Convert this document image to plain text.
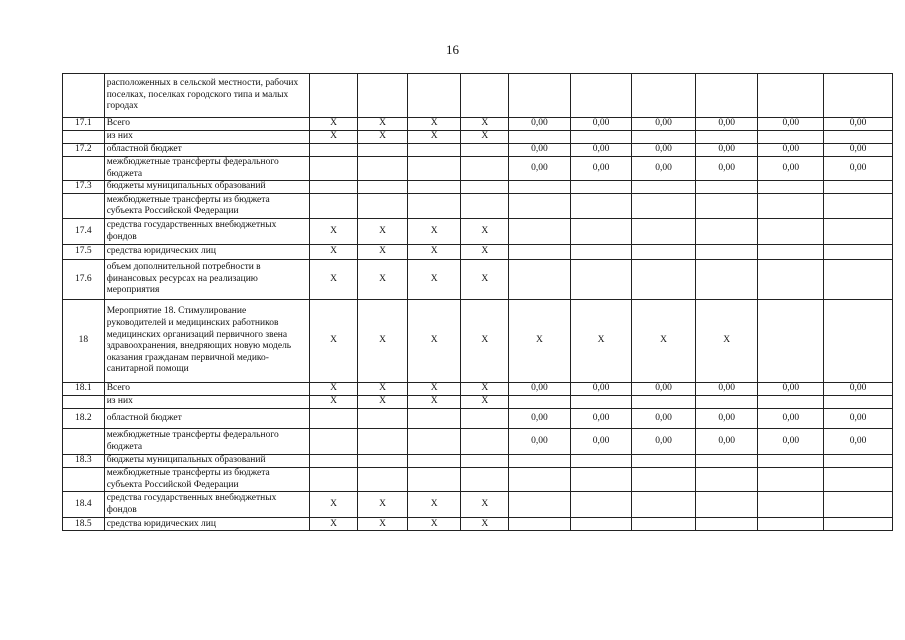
16
	расположенных в сельской местности, рабочих поселках, поселках городского типа и малых городах										
17.1	Всего	Х	Х	Х	Х	0,00	0,00	0,00	0,00	0,00	0,00
	из них	Х	Х	Х	Х						
17.2	областной бюджет					0,00	0,00	0,00	0,00	0,00	0,00
	межбюджетные трансферты федерального бюджета					0,00	0,00	0,00	0,00	0,00	0,00
17.3	бюджеты муниципальных образований										
	межбюджетные трансферты из бюджета субъекта Российской Федерации										
17.4	средства государственных внебюджетных фондов	Х	Х	Х	Х						
17.5	средства юридических лиц	Х	Х	Х	Х						
17.6	объем дополнительной потребности в финансовых ресурсах на реализацию мероприятия	Х	Х	Х	Х						
18	Мероприятие 18. Стимулирование руководителей и медицинских работников медицинских организаций первичного звена здравоохранения, внедряющих новую модель оказания гражданам первичной медико-санитарной помощи	Х	Х	Х	Х	Х	Х	Х	Х		
18.1	Всего	Х	Х	Х	Х	0,00	0,00	0,00	0,00	0,00	0,00
	из них	Х	Х	Х	Х						
18.2	областной бюджет					0,00	0,00	0,00	0,00	0,00	0,00
	межбюджетные трансферты федерального бюджета					0,00	0,00	0,00	0,00	0,00	0,00
18.3	бюджеты муниципальных образований										
	межбюджетные трансферты из бюджета субъекта Российской Федерации										
18.4	средства государственных внебюджетных фондов	Х	Х	Х	Х						
18.5	средства юридических лиц	Х	Х	Х	Х						
